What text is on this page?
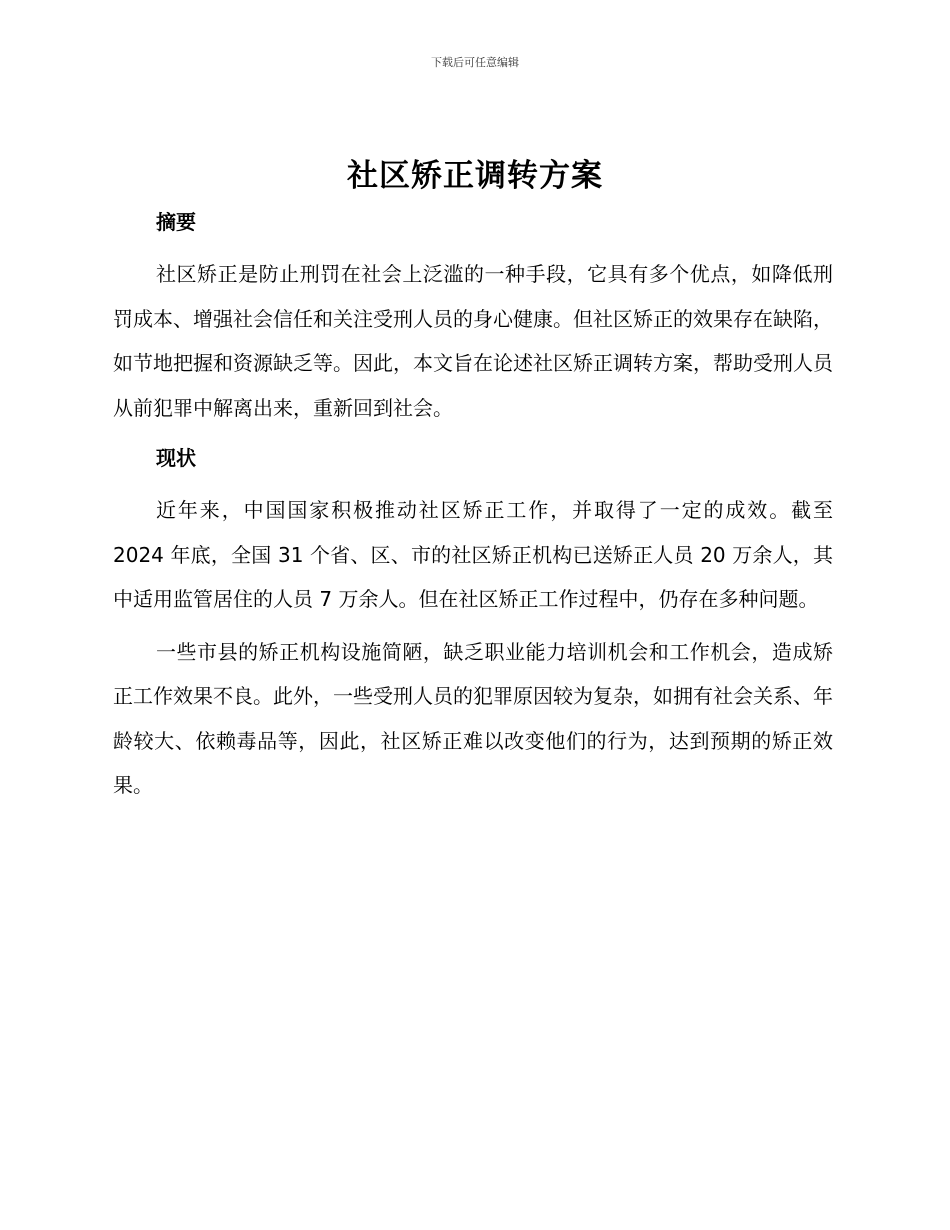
下载后可任意编辑
社区矫正调转方案
摘要

社区矫正是防止刑罚在社会上泛滥的一种手段，它具有多个优点，如降低刑罚成本、增强社会信任和关注受刑人员的身心健康。但社区矫正的效果存在缺陷，如节地把握和资源缺乏等。因此，本文旨在论述社区矫正调转方案，帮助受刑人员从前犯罪中解离出来，重新回到社会。

现状

近年来，中国国家积极推动社区矫正工作，并取得了一定的成效。截至 2024 年底，全国 31 个省、区、市的社区矫正机构已送矫正人员 20 万余人，其中适用监管居住的人员 7 万余人。但在社区矫正工作过程中，仍存在多种问题。

一些市县的矫正机构设施简陋，缺乏职业能力培训机会和工作机会，造成矫正工作效果不良。此外，一些受刑人员的犯罪原因较为复杂，如拥有社会关系、年龄较大、依赖毒品等，因此，社区矫正难以改变他们的行为，达到预期的矫正效果。
